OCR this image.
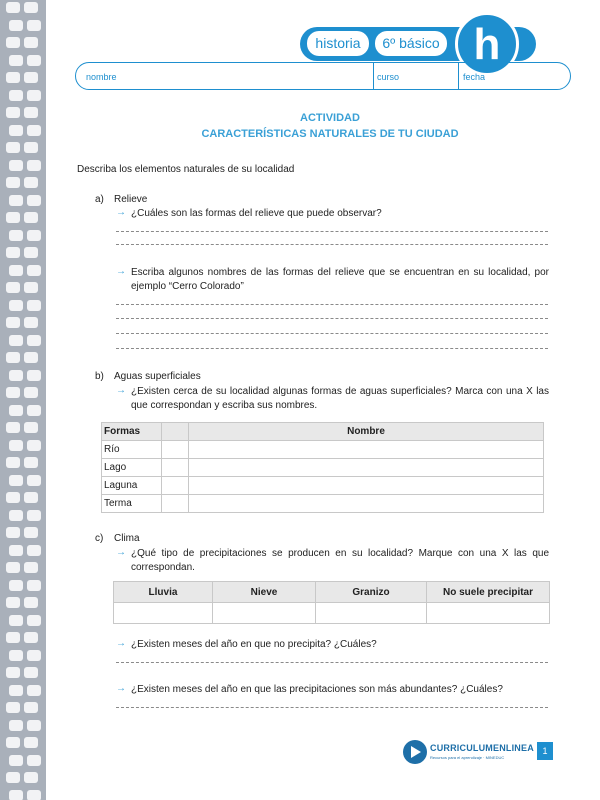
historia	6º básico h
nombre	curso	fecha
ACTIVIDAD
CARACTERÍSTICAS NATURALES DE TU CIUDAD
Describa los elementos naturales de su localidad
a) Relieve
→ ¿Cuáles son las formas del relieve que puede observar?
→ Escriba algunos nombres de las formas del relieve que se encuentran en su localidad, por ejemplo “Cerro Colorado”
b) Aguas superficiales
→ ¿Existen cerca de su localidad algunas formas de aguas superficiales? Marca con una X las que correspondan y escriba sus nombres.
Formas		Nombre
Río		
Lago		
Laguna		
Terma		
c) Clima
→ ¿Qué tipo de precipitaciones se producen en su localidad? Marque con una X las que correspondan.
Lluvia	Nieve	Granizo	No suele precipitar

→ ¿Existen meses del año en que no precipita? ¿Cuáles?
→ ¿Existen meses del año en que las precipitaciones son más abundantes? ¿Cuáles?
CURRICULUMENLINEA
Recursos para el aprendizaje · MINEDUC
1
